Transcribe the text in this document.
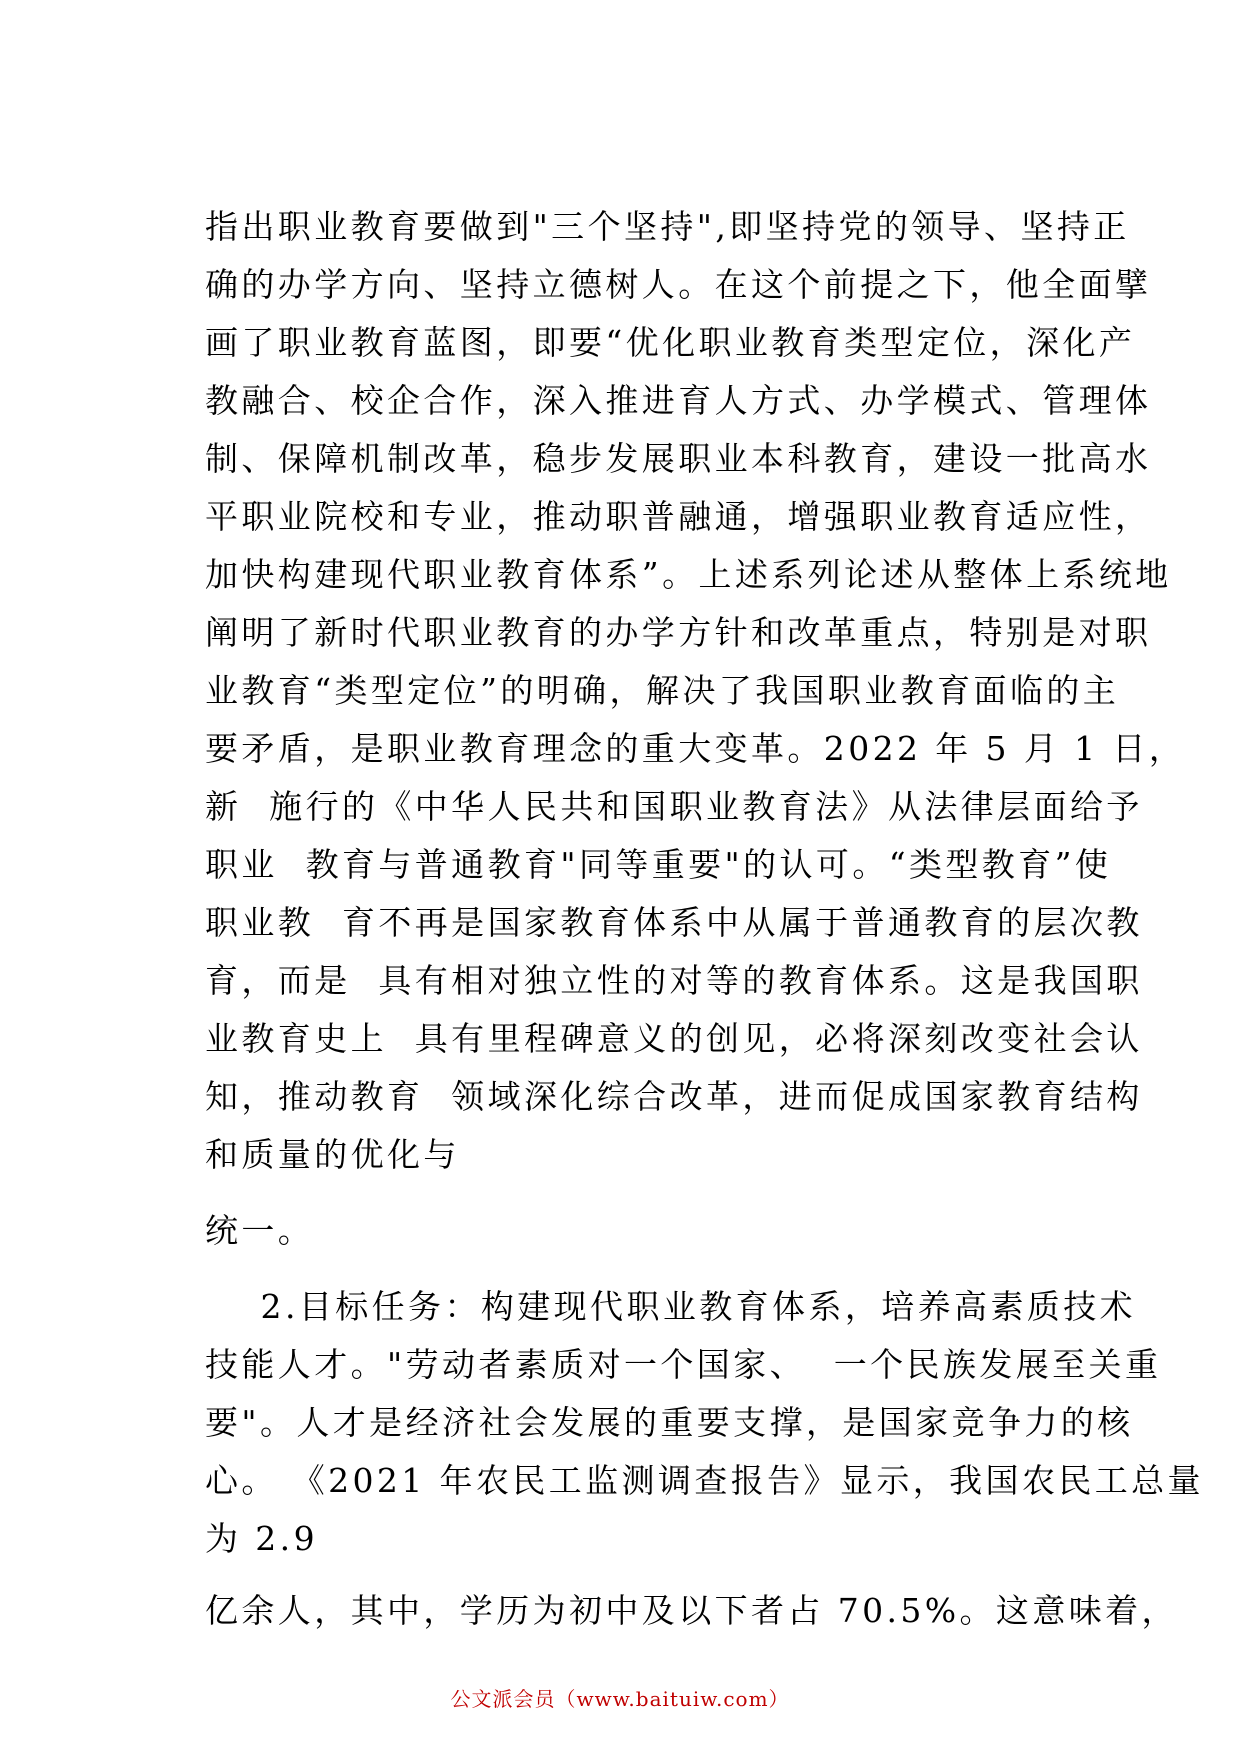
指出职业教育要做到"三个坚持",即坚持党的领导、坚持正
确的办学方向、坚持立德树人。在这个前提之下，他全面擘
画了职业教育蓝图，即要“优化职业教育类型定位，深化产
教融合、校企合作，深入推进育人方式、办学模式、管理体
制、保障机制改革，稳步发展职业本科教育，建设一批高水
平职业院校和专业，推动职普融通，增强职业教育适应性，
加快构建现代职业教育体系”。上述系列论述从整体上系统地
阐明了新时代职业教育的办学方针和改革重点，特别是对职
业教育“类型定位”的明确，解决了我国职业教育面临的主
要矛盾，是职业教育理念的重大变革。2022 年 5 月 1 日，
新  施行的《中华人民共和国职业教育法》从法律层面给予
职业  教育与普通教育"同等重要"的认可。“类型教育”使
职业教  育不再是国家教育体系中从属于普通教育的层次教
育，而是  具有相对独立性的对等的教育体系。这是我国职
业教育史上  具有里程碑意义的创见，必将深刻改变社会认
知，推动教育  领域深化综合改革，进而促成国家教育结构
和质量的优化与
统一。
2.目标任务：构建现代职业教育体系，培养高素质技术
技能人才。"劳动者素质对一个国家、  一个民族发展至关重
要"。人才是经济社会发展的重要支撑，是国家竞争力的核
心。 《2021 年农民工监测调查报告》显示，我国农民工总量
为 2.9
亿余人，其中，学历为初中及以下者占 70.5%。这意味着，
公文派会员（www.baituiw.com）
